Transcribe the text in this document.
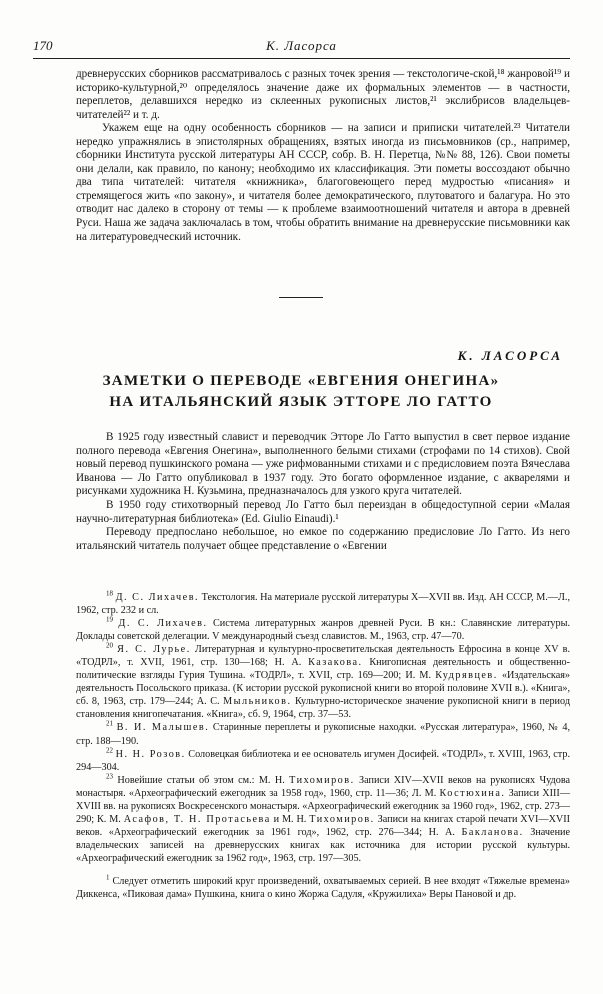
170	К. Ласорса

древнерусских сборников рассматривалось с разных точек зрения — текстологиче-ской,¹⁸ жанровой¹⁹ и историко-культурной,²⁰ определялось значение даже их формальных элементов — в частности, переплетов, делавшихся нередко из склеенных рукописных листов,²¹ экслибрисов владельцев-читателей²² и т. д.

Укажем еще на одну особенность сборников — на записи и приписки читателей.²³ Читатели нередко упражнялись в эпистолярных обращениях, взятых иногда из письмовников (ср., например, сборники Института русской литературы АН СССР, собр. В. Н. Перетца, №№ 88, 126). Свои пометы они делали, как правило, по канону; необходимо их классификация. Эти пометы воссоздают обычно два типа читателей: читателя «книжника», благоговеющего перед мудростью «писания» и стремящегося жить «по закону», и читателя более демократического, плутоватого и балагура. Но это отводит нас далеко в сторону от темы — к проблеме взаимоотношений читателя и автора в древней Руси. Наша же задача заключалась в том, чтобы обратить внимание на древнерусские письмовники как на литературоведческий источник.

К. ЛАСОРСА
ЗАМЕТКИ О ПЕРЕВОДЕ «ЕВГЕНИЯ ОНЕГИНА»
НА ИТАЛЬЯНСКИЙ ЯЗЫК ЭТТОРЕ ЛО ГАТТО

В 1925 году известный славист и переводчик Этторе Ло Гатто выпустил в свет первое издание полного перевода «Евгения Онегина», выполненного белыми стихами (строфами по 14 стихов). Свой новый перевод пушкинского романа — уже рифмованными стихами и с предисловием поэта Вячеслава Иванова — Ло Гатто опубликовал в 1937 году. Это богато оформленное издание, с акварелями и рисунками художника Н. Кузьмина, предназначалось для узкого круга читателей.

В 1950 году стихотворный перевод Ло Гатто был переиздан в общедоступной серии «Малая научно-литературная библиотека» (Ed. Giulio Einaudi).¹

Переводу предпослано небольшое, но емкое по содержанию предисловие Ло Гатто. Из него итальянский читатель получает общее представление о «Евгении

$^{18}$ Д. С. Лихачев. Текстология. На материале русской литературы X—XVII вв. Изд. АН СССР, М.—Л., 1962, стр. 232 и сл.

$^{19}$ Д. С. Лихачев. Система литературных жанров древней Руси. В кн.: Славянские литературы. Доклады советской делегации. V международный съезд славистов. М., 1963, стр. 47—70.

$^{20}$ Я. С. Лурье. Литературная и культурно-просветительская деятельность Ефросина в конце XV в. «ТОДРЛ», т. XVII, 1961, стр. 130—168; Н. А. Казакова. Книгописная деятельность и общественно-политические взгляды Гурия Тушина. «ТОДРЛ», т. XVII, стр. 169—200; И. М. Кудрявцев. «Издательская» деятельность Посольского приказа. (К истории русской рукописной книги во второй половине XVII в.). «Книга», сб. 8, 1963, стр. 179—244; А. С. Мыльников. Культурно-историческое значение рукописной книги в период становления книгопечатания. «Книга», сб. 9, 1964, стр. 37—53.

$^{21}$ В. И. Малышев. Старинные переплеты и рукописные находки. «Русская литература», 1960, № 4, стр. 188—190.

$^{22}$ Н. Н. Розов. Соловецкая библиотека и ее основатель игумен Досифей. «ТОДРЛ», т. XVIII, 1963, стр. 294—304.

$^{23}$ Новейшие статьи об этом см.: М. Н. Тихомиров. Записи XIV—XVII веков на рукописях Чудова монастыря. «Археографический ежегодник за 1958 год», 1960, стр. 11—36; Л. М. Костюхина. Записи XIII—XVIII вв. на рукописях Воскресенского монастыря. «Археографический ежегодник за 1960 год», 1962, стр. 273—290; К. М. Асафов, Т. Н. Протасьева и М. Н. Тихомиров. Записи на книгах старой печати XVI—XVII веков. «Археографический ежегодник за 1961 год», 1962, стр. 276—344; Н. А. Бакланова. Значение владельческих записей на древнерусских книгах как источника для истории русской культуры. «Археографический ежегодник за 1962 год», 1963, стр. 197—305.

$^1$ Следует отметить широкий круг произведений, охватываемых серией. В нее входят «Тяжелые времена» Диккенса, «Пиковая дама» Пушкина, книга о кино Жоржа Садуля, «Кружилиха» Веры Пановой и др.
